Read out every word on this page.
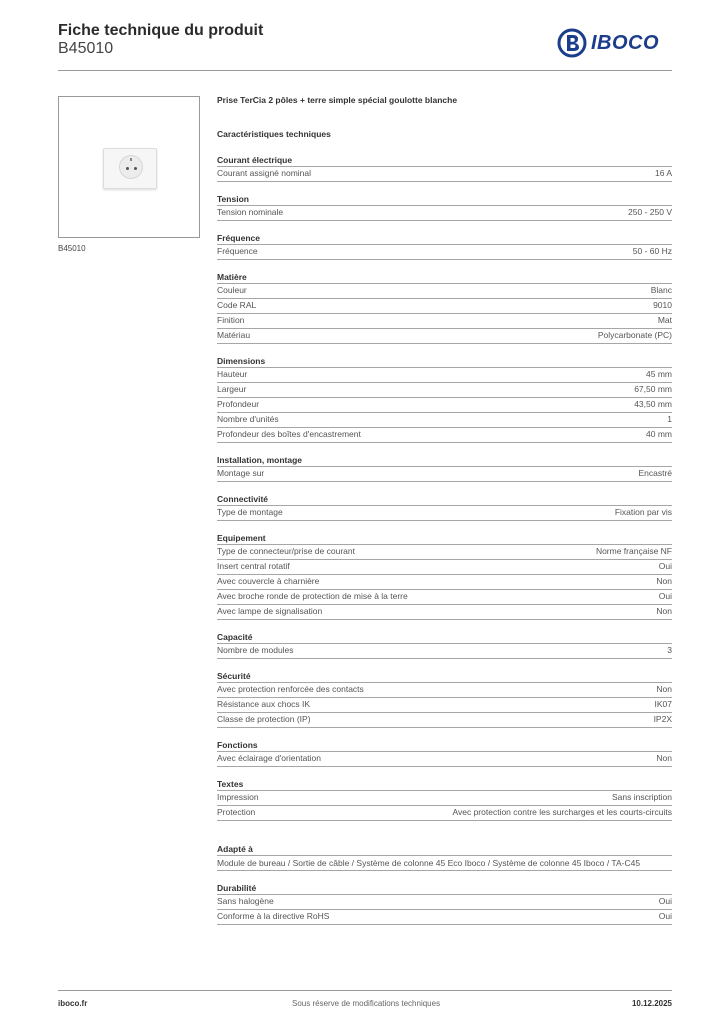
Fiche technique du produit
B45010	IBOCO
B45010
Prise TerCia 2 pôles + terre simple spécial goulotte blanche
Caractéristiques techniques
Courant électrique
Courant assigné nominal	16 A
Tension
Tension nominale	250 - 250 V
Fréquence
Fréquence	50 - 60 Hz
Matière
Couleur	Blanc
Code RAL	9010
Finition	Mat
Matériau	Polycarbonate (PC)
Dimensions
Hauteur	45 mm
Largeur	67,50 mm
Profondeur	43,50 mm
Nombre d'unités	1
Profondeur des boîtes d'encastrement	40 mm
Installation, montage
Montage sur	Encastré
Connectivité
Type de montage	Fixation par vis
Equipement
Type de connecteur/prise de courant	Norme française NF
Insert central rotatif	Oui
Avec couvercle à charnière	Non
Avec broche ronde de protection de mise à la terre	Oui
Avec lampe de signalisation	Non
Capacité
Nombre de modules	3
Sécurité
Avec protection renforcée des contacts	Non
Résistance aux chocs IK	IK07
Classe de protection (IP)	IP2X
Fonctions
Avec éclairage d'orientation	Non
Textes
Impression	Sans inscription
Protection	Avec protection contre les surcharges et les courts-circuits
Adapté à
Module de bureau / Sortie de câble / Système de colonne 45 Eco Iboco / Système de colonne 45 Iboco / TA-C45
Durabilité
Sans halogène	Oui
Conforme à la directive RoHS	Oui
iboco.fr	Sous réserve de modifications techniques	10.12.2025
